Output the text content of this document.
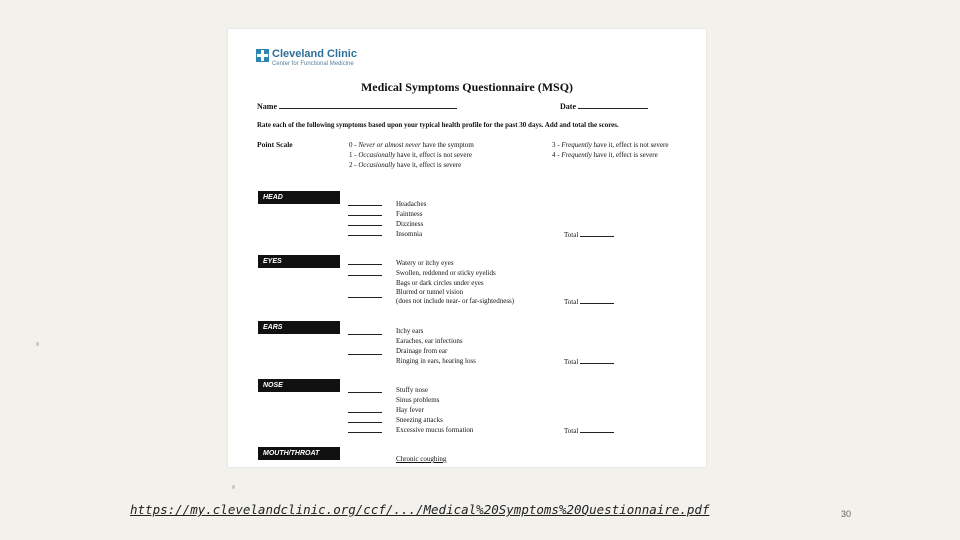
Cleveland Clinic
Center for Functional Medicine
Medical Symptoms Questionnaire (MSQ)
Name	Date
Rate each of the following symptoms based upon your typical health profile for the past 30 days. Add and total the scores.
Point Scale	0 - Never or almost never have the symptom
1 - Occasionally have it, effect is not severe
2 - Occasionally have it, effect is severe
3 - Frequently have it, effect is not severe
4 - Frequently have it, effect is severe
HEAD
Headaches
Faintness
Dizziness
Insomnia	Total
EYES	Watery or itchy eyes
Swollen, reddened or sticky eyelids
Bags or dark circles under eyes
Blurred or tunnel vision
(does not include near- or far-sightedness)	Total
EARS	Itchy ears
Earaches, ear infections
Drainage from ear
Ringing in ears, hearing loss	Total
NOSE
Stuffy nose
Sinus problems
Hay fever
Sneezing attacks
Excessive mucus formation	Total
MOUTH/THROAT
Chronic coughing
https://my.clevelandclinic.org/ccf/.../Medical%20Symptoms%20Questionnaire.pdf	30
